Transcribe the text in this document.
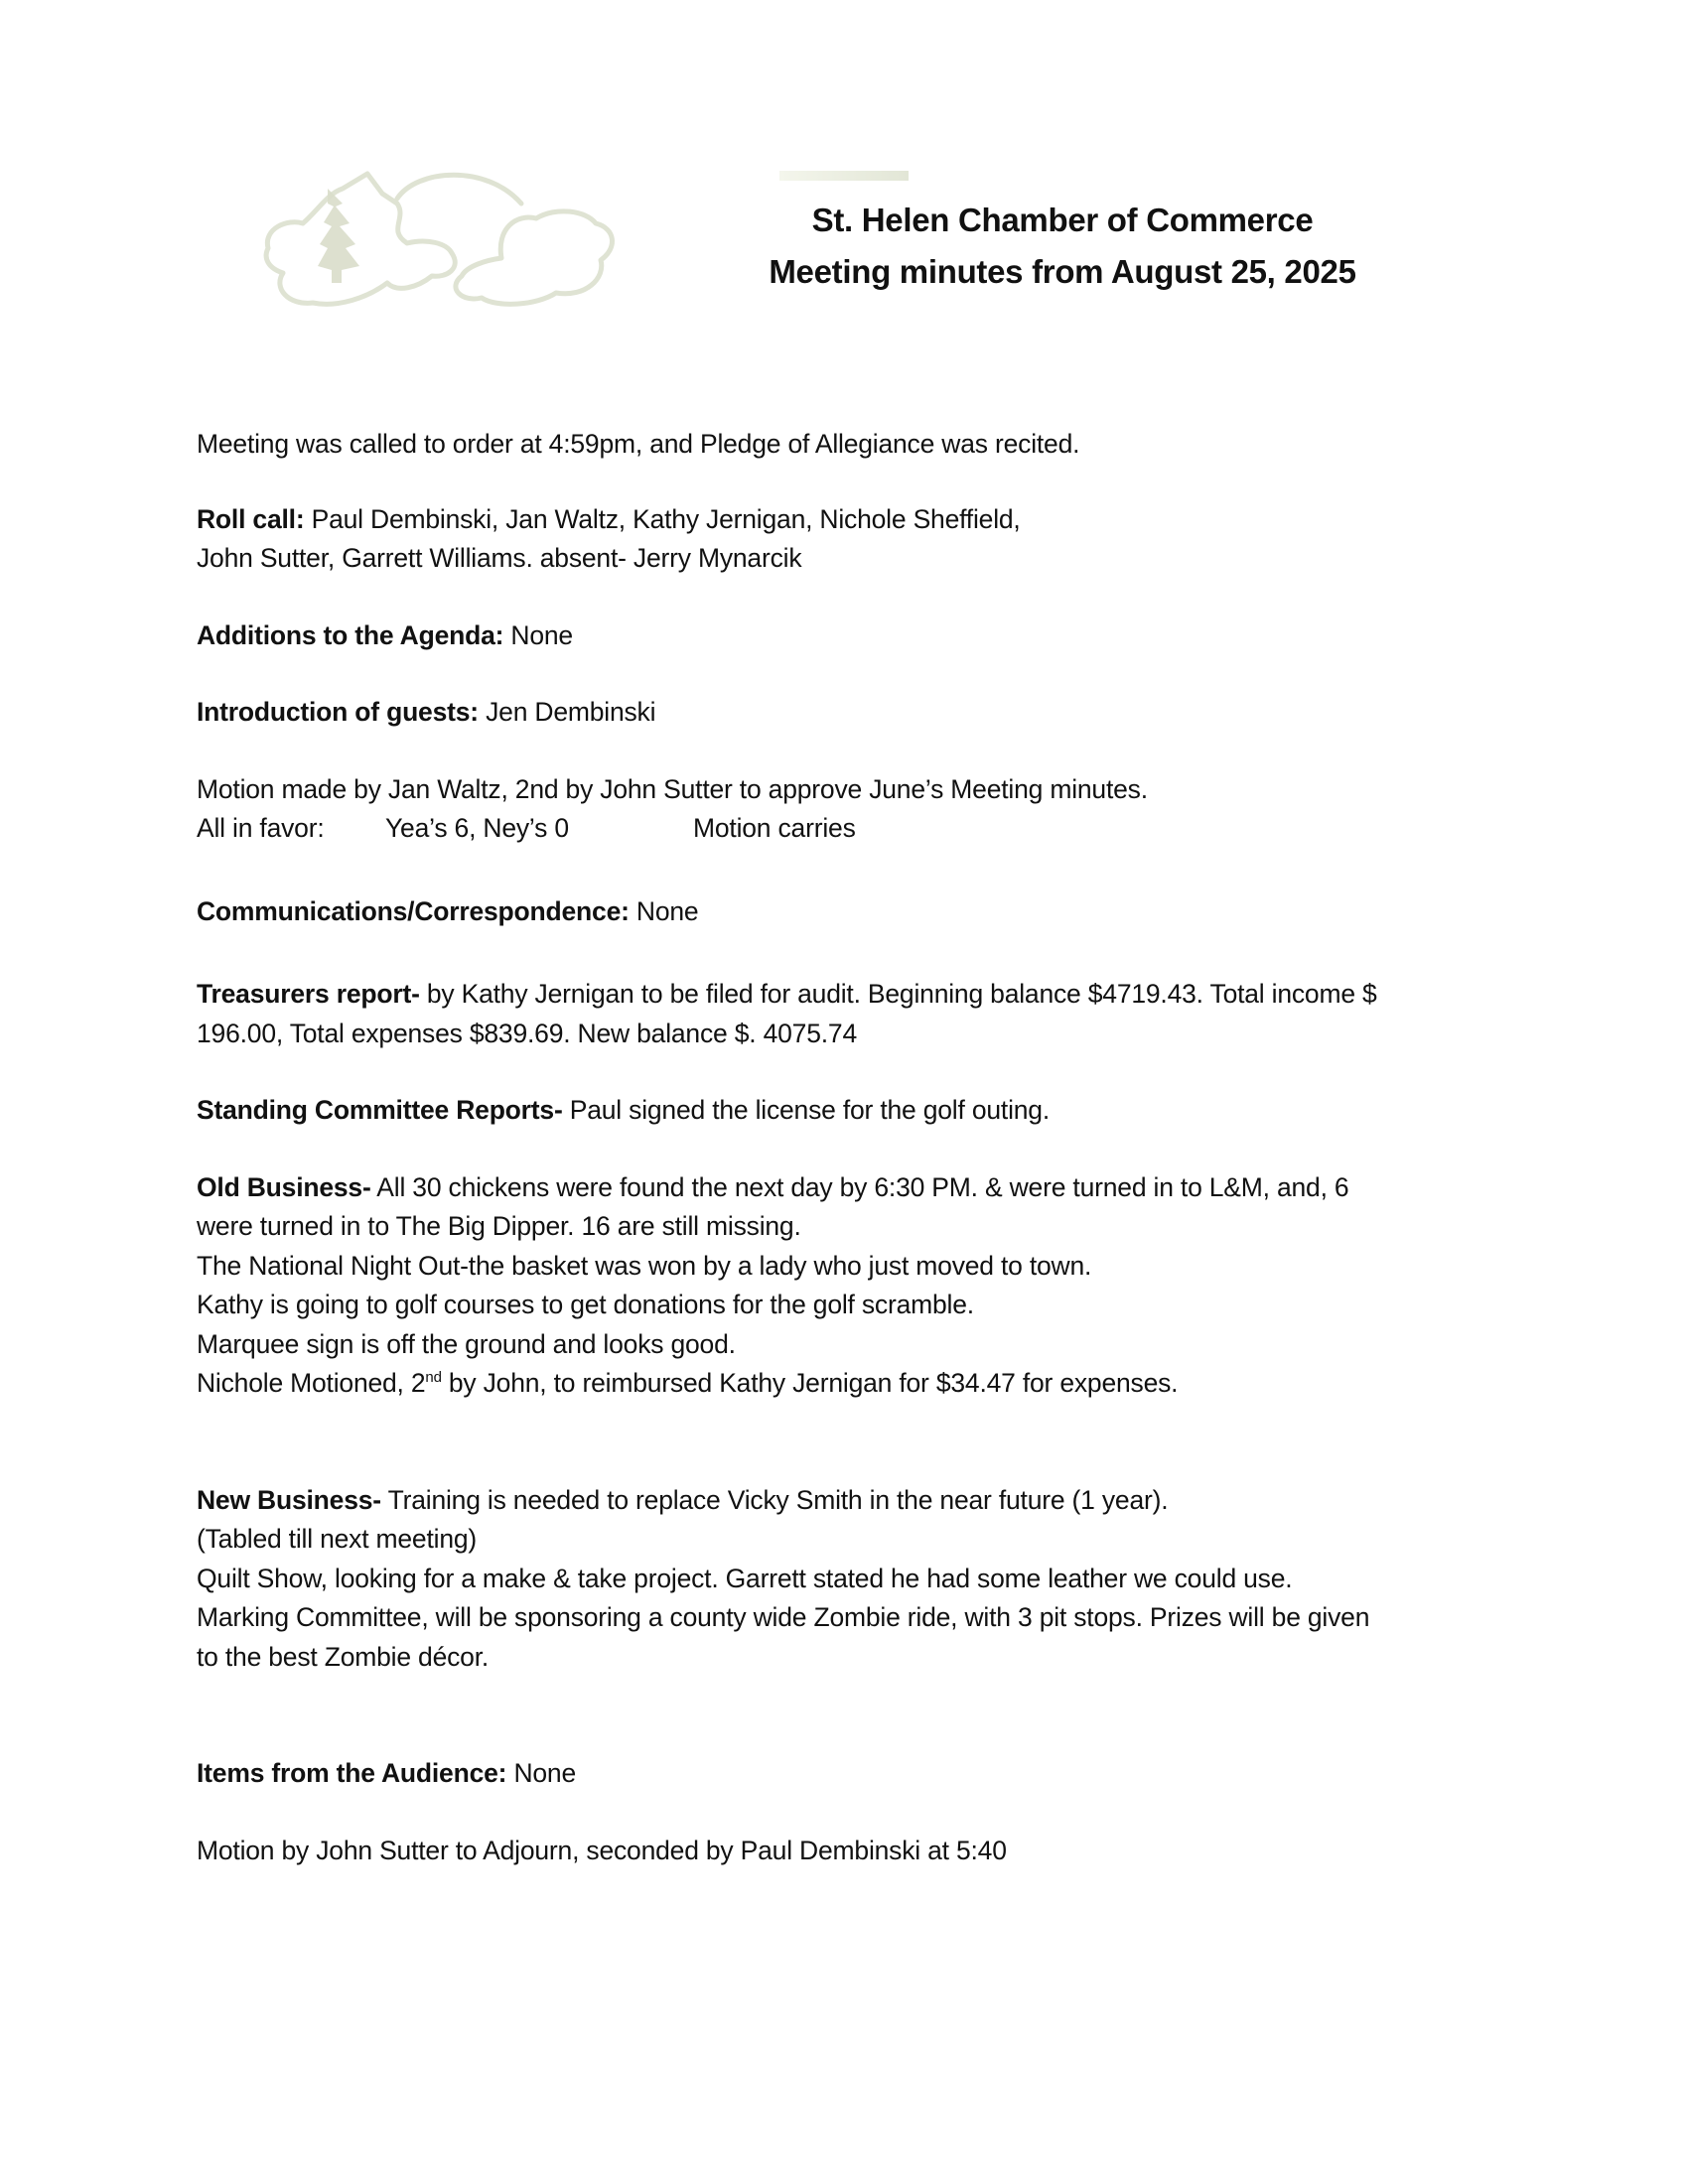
St. Helen Chamber of Commerce
Meeting minutes from August 25, 2025

Meeting was called to order at 4:59pm, and Pledge of Allegiance was recited.

Roll call: Paul Dembinski, Jan Waltz, Kathy Jernigan, Nichole Sheffield,

John Sutter, Garrett Williams. absent- Jerry Mynarcik

Additions to the Agenda: None

Introduction of guests: Jen Dembinski

Motion made by Jan Waltz, 2nd by John Sutter to approve June’s Meeting minutes.

All in favor: Yea’s 6, Ney’s 0	Motion carries

Communications/Correspondence: None

Treasurers report- by Kathy Jernigan to be filed for audit. Beginning balance $4719.43. Total income $

196.00, Total expenses $839.69. New balance $. 4075.74

Standing Committee Reports- Paul signed the license for the golf outing.

Old Business- All 30 chickens were found the next day by 6:30 PM. & were turned in to L&M, and, 6

were turned in to The Big Dipper. 16 are still missing.

The National Night Out-the basket was won by a lady who just moved to town.

Kathy is going to golf courses to get donations for the golf scramble.

Marquee sign is off the ground and looks good.

Nichole Motioned, 2nd by John, to reimbursed Kathy Jernigan for $34.47 for expenses.

New Business- Training is needed to replace Vicky Smith in the near future (1 year).

(Tabled till next meeting)

Quilt Show, looking for a make & take project. Garrett stated he had some leather we could use.

Marking Committee, will be sponsoring a county wide Zombie ride, with 3 pit stops. Prizes will be given

to the best Zombie décor.

Items from the Audience: None

Motion by John Sutter to Adjourn, seconded by Paul Dembinski at 5:40
